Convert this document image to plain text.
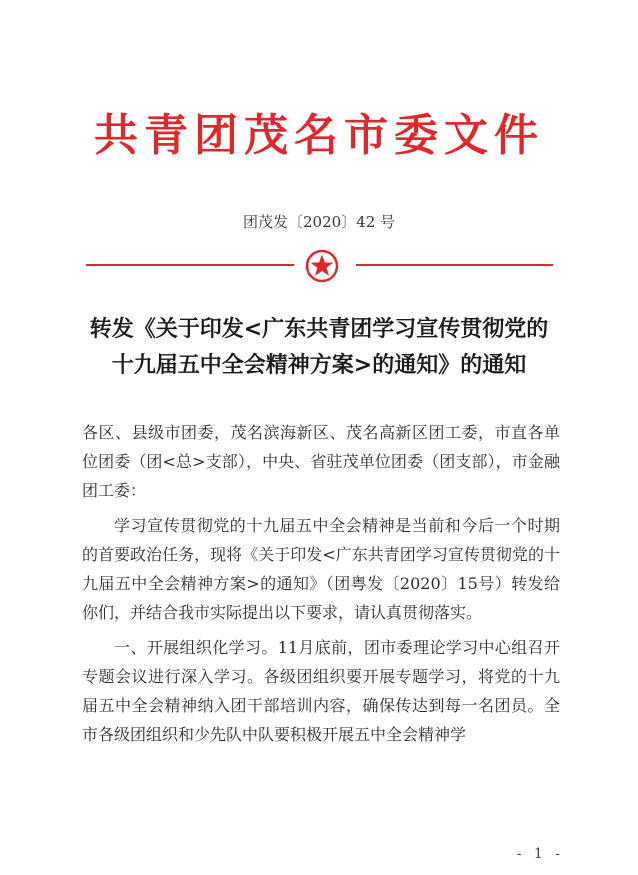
共青团茂名市委文件
团茂发〔2020〕42 号
转发《关于印发<广东共青团学习宣传贯彻党的
十九届五中全会精神方案>的通知》的通知

各区、县级市团委，茂名滨海新区、茂名高新区团工委，市直各单位团委（团<总>支部），中央、省驻茂单位团委（团支部），市金融团工委：

学习宣传贯彻党的十九届五中全会精神是当前和今后一个时期的首要政治任务，现将《关于印发<广东共青团学习宣传贯彻党的十九届五中全会精神方案>的通知》（团粤发〔2020〕15号）转发给你们，并结合我市实际提出以下要求，请认真贯彻落实。

一、开展组织化学习。11月底前，团市委理论学习中心组召开专题会议进行深入学习。各级团组织要开展专题学习，将党的十九届五中全会精神纳入团干部培训内容，确保传达到每一名团员。全市各级团组织和少先队中队要积极开展五中全会精神学

- 1 -
